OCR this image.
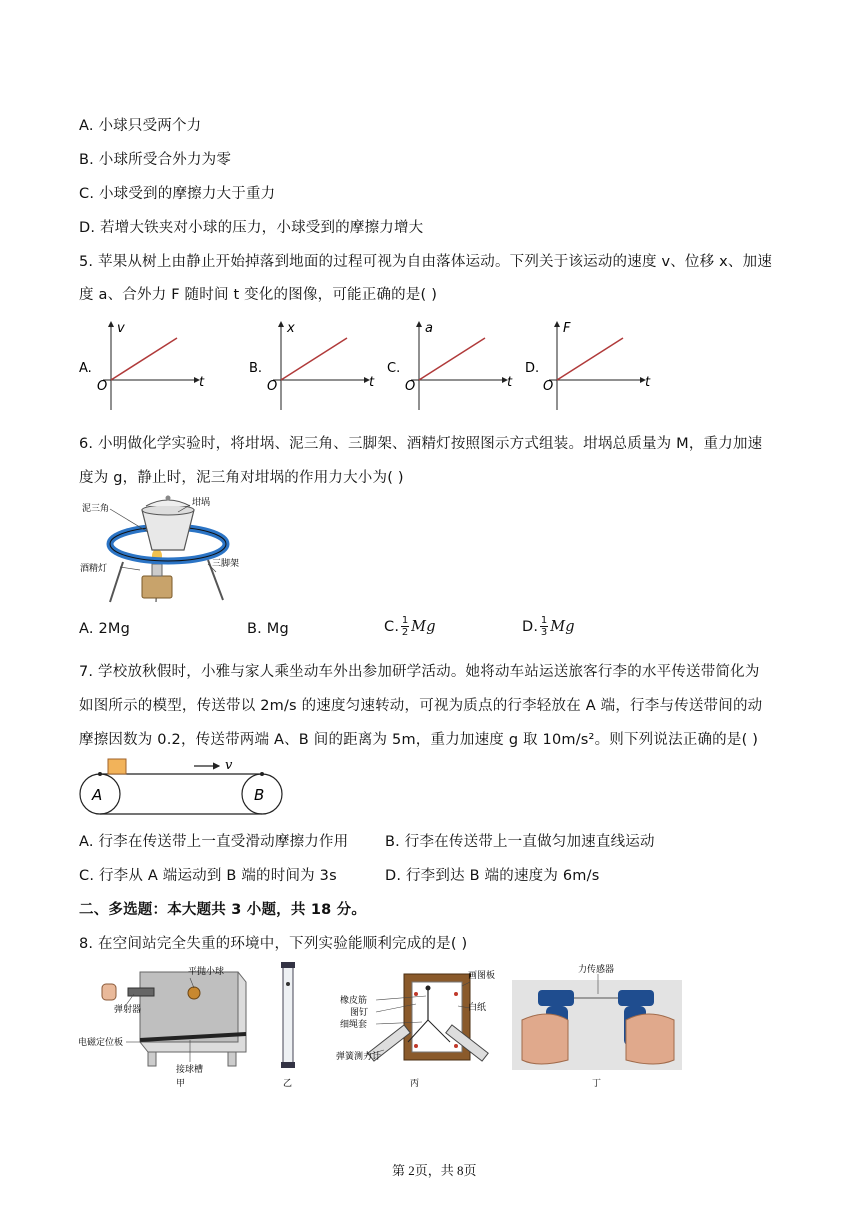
A. 小球只受两个力
B. 小球所受合外力为零
C. 小球受到的摩擦力大于重力
D. 若增大铁夹对小球的压力，小球受到的摩擦力增大
5. 苹果从树上由静止开始掉落到地面的过程可视为自由落体运动。下列关于该运动的速度 v、位移 x、加速
度 a、合外力 F 随时间 t 变化的图像，可能正确的是( )
A.
v
t
O
B.
x
t
O
C.
a
t
O
D.
F
t
O
6. 小明做化学实验时，将坩埚、泥三角、三脚架、酒精灯按照图示方式组装。坩埚总质量为 M，重力加速
度为 g，静止时，泥三角对坩埚的作用力大小为( )
泥三角
坩埚
酒精灯	三脚架
A. 2Mg	B. Mg	C. 1
2 Mg	D. 1
3 Mg
7. 学校放秋假时，小雅与家人乘坐动车外出参加研学活动。她将动车站运送旅客行李的水平传送带简化为
如图所示的模型，传送带以 2m/s 的速度匀速转动，可视为质点的行李轻放在 A 端，行李与传送带间的动
摩擦因数为 0.2，传送带两端 A、B 间的距离为 5m，重力加速度 g 取 10m/s²。则下列说法正确的是( )
v
A	B
A. 行李在传送带上一直受滑动摩擦力作用	B. 行李在传送带上一直做匀加速直线运动
C. 行李从 A 端运动到 B 端的时间为 3s	D. 行李到达 B 端的速度为 6m/s
二、多选题：本大题共 3 小题，共 18 分。
8. 在空间站完全失重的环境中，下列实验能顺利完成的是( )
平抛小球
弹射器
电磁定位板
接球槽
甲	乙
橡皮筋
图钉
细绳套
画图板
白纸
弹簧测力计
丙
力传感器
丁
第 2页，共 8页
